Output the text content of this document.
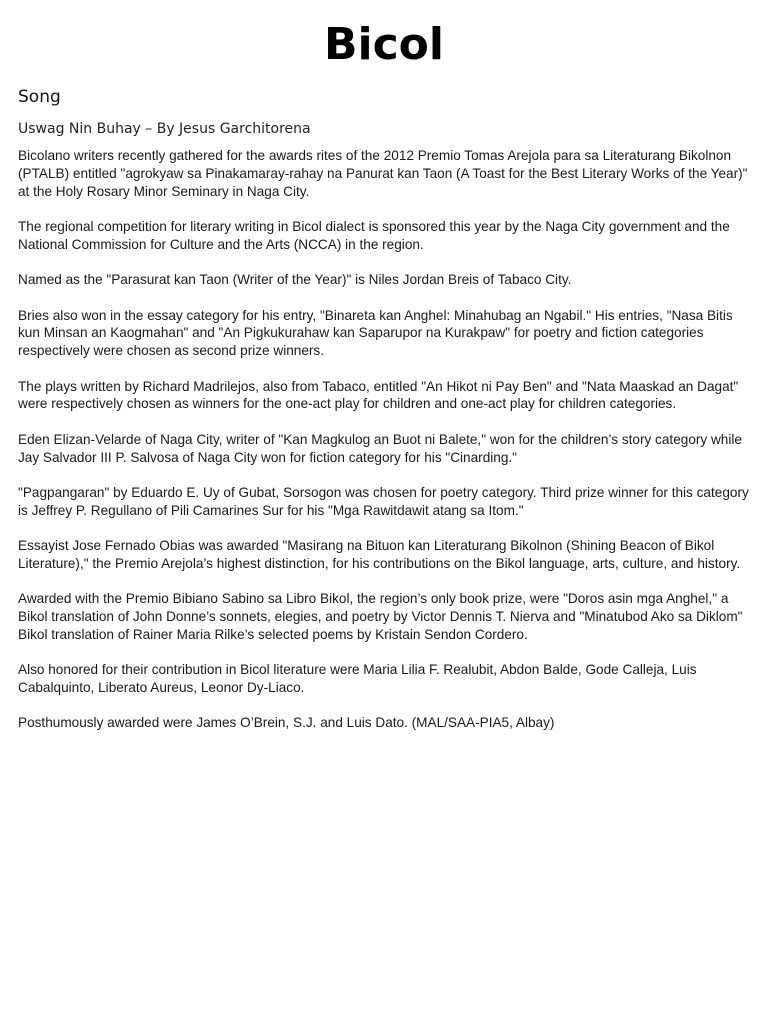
Bicol
Song
Uswag Nin Buhay – By Jesus Garchitorena

Bicolano writers recently gathered for the awards rites of the 2012 Premio Tomas Arejola para sa Literaturang Bikolnon (PTALB) entitled "agrokyaw sa Pinakamaray-rahay na Panurat kan Taon (A Toast for the Best Literary Works of the Year)" at the Holy Rosary Minor Seminary in Naga City.

The regional competition for literary writing in Bicol dialect is sponsored this year by the Naga City government and the National Commission for Culture and the Arts (NCCA) in the region.

Named as the "Parasurat kan Taon (Writer of the Year)" is Niles Jordan Breis of Tabaco City.

Bries also won in the essay category for his entry, "Binareta kan Anghel: Minahubag an Ngabil." His entries, "Nasa Bitis kun Minsan an Kaogmahan" and "An Pigkukurahaw kan Saparupor na Kurakpaw" for poetry and fiction categories respectively were chosen as second prize winners.

The plays written by Richard Madrilejos, also from Tabaco, entitled "An Hikot ni Pay Ben" and "Nata Maaskad an Dagat" were respectively chosen as winners for the one-act play for children and one-act play for children categories.

Eden Elizan-Velarde of Naga City, writer of "Kan Magkulog an Buot ni Balete," won for the children’s story category while Jay Salvador III P. Salvosa of Naga City won for fiction category for his "Cinarding."

"Pagpangaran" by Eduardo E. Uy of Gubat, Sorsogon was chosen for poetry category. Third prize winner for this category is Jeffrey P. Regullano of Pili Camarines Sur for his "Mga Rawitdawit atang sa Itom."

Essayist Jose Fernado Obias was awarded "Masirang na Bituon kan Literaturang Bikolnon (Shining Beacon of Bikol Literature)," the Premio Arejola’s highest distinction, for his contributions on the Bikol language, arts, culture, and history.

Awarded with the Premio Bibiano Sabino sa Libro Bikol, the region’s only book prize, were "Doros asin mga Anghel," a Bikol translation of John Donne’s sonnets, elegies, and poetry by Victor Dennis T. Nierva and "Minatubod Ako sa Diklom" Bikol translation of Rainer Maria Rilke’s selected poems by Kristain Sendon Cordero.

Also honored for their contribution in Bicol literature were Maria Lilia F. Realubit, Abdon Balde, Gode Calleja, Luis Cabalquinto, Liberato Aureus, Leonor Dy-Liaco.

Posthumously awarded were James O’Brein, S.J. and Luis Dato. (MAL/SAA-PIA5, Albay)
